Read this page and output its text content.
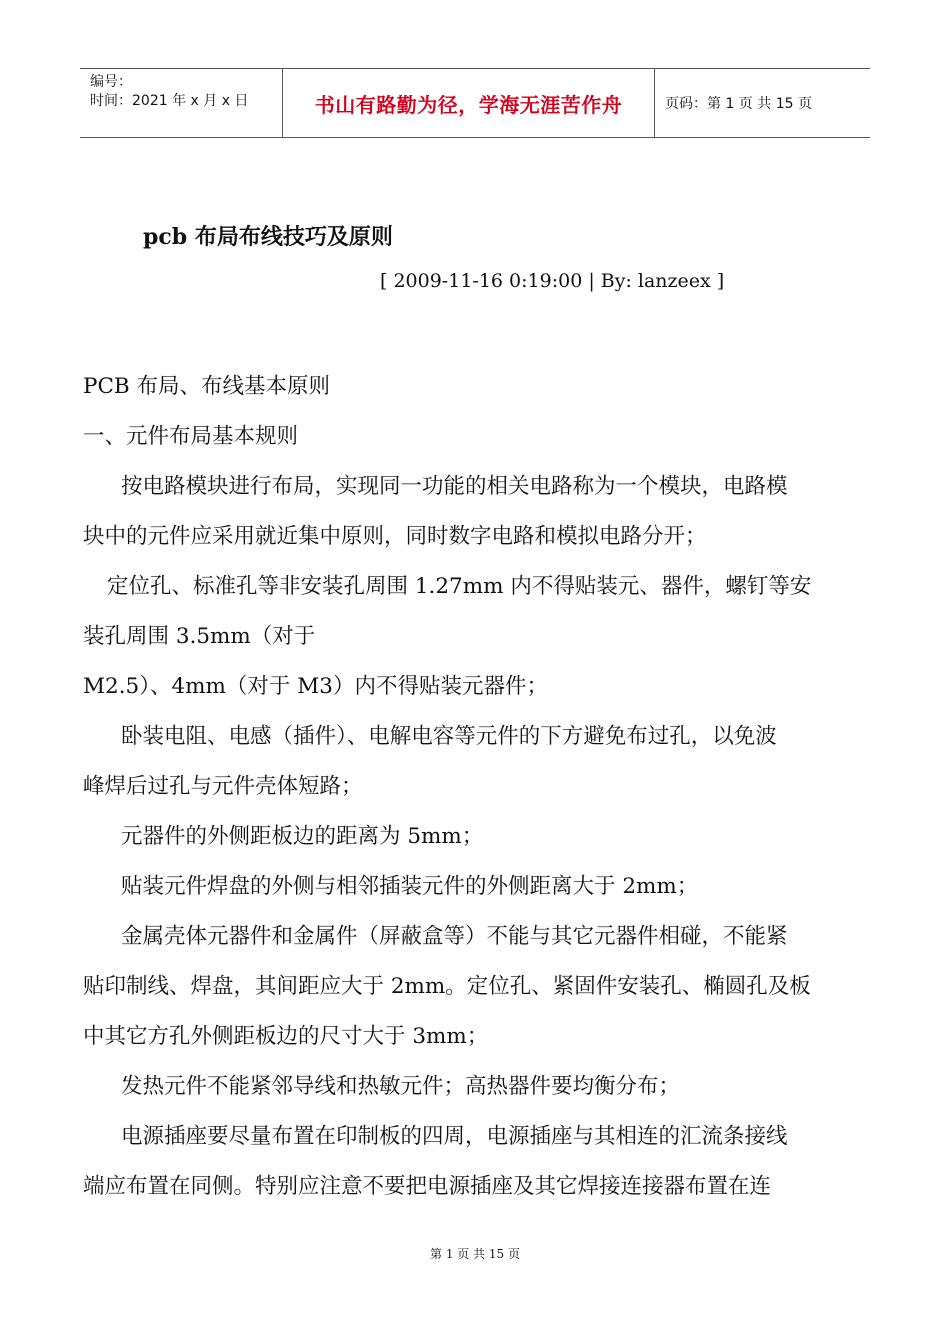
编号：
时间：2021 年 x 月 x 日	书山有路勤为径，学海无涯苦作舟	页码：第 1 页 共 15 页
pcb 布局布线技巧及原则
[ 2009-11-16 0:19:00 | By: lanzeex ]

PCB 布局、布线基本原则

一、元件布局基本规则

按电路模块进行布局，实现同一功能的相关电路称为一个模块，电路模

块中的元件应采用就近集中原则，同时数字电路和模拟电路分开；

定位孔、标准孔等非安装孔周围 1.27mm 内不得贴装元、器件，螺钉等安

装孔周围 3.5mm（对于

M2.5）、4mm（对于 M3）内不得贴装元器件；

卧装电阻、电感（插件）、电解电容等元件的下方避免布过孔，以免波

峰焊后过孔与元件壳体短路；

元器件的外侧距板边的距离为 5mm；

贴装元件焊盘的外侧与相邻插装元件的外侧距离大于 2mm；

金属壳体元器件和金属件（屏蔽盒等）不能与其它元器件相碰，不能紧

贴印制线、焊盘，其间距应大于 2mm。定位孔、紧固件安装孔、椭圆孔及板

中其它方孔外侧距板边的尺寸大于 3mm；

发热元件不能紧邻导线和热敏元件；高热器件要均衡分布；

电源插座要尽量布置在印制板的四周，电源插座与其相连的汇流条接线

端应布置在同侧。特别应注意不要把电源插座及其它焊接连接器布置在连

第 1 页 共 15 页
